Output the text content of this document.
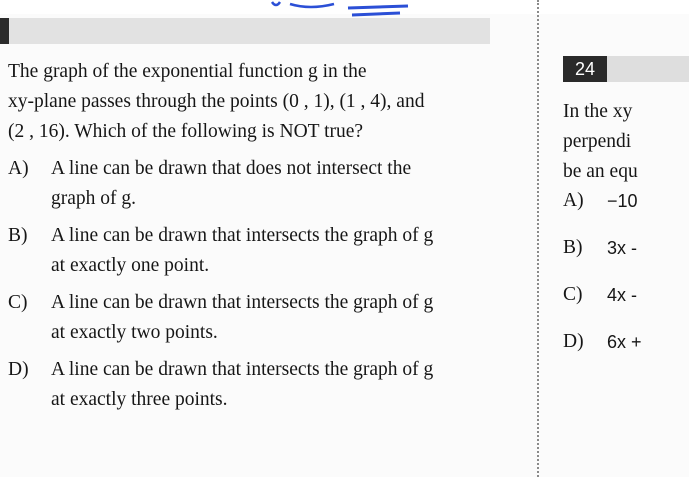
The graph of the exponential function g in the

xy-plane passes through the points (0 , 1), (1 , 4), and

(2 , 16). Which of the following is NOT true?

A) A line can be drawn that does not intersect the

graph of g.

B) A line can be drawn that intersects the graph of g

at exactly one point.

C) A line can be drawn that intersects the graph of g

at exactly two points.

D) A line can be drawn that intersects the graph of g

at exactly three points.

24

In the xy

perpendi

be an equ

A) −10
B) 3x -
C) 4x -
D) 6x +
